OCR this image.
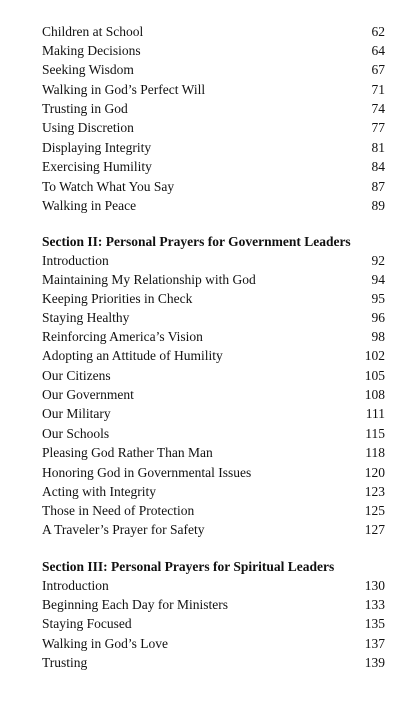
Children at School	62
Making Decisions	64
Seeking Wisdom	67
Walking in God’s Perfect Will	71
Trusting in God	74
Using Discretion	77
Displaying Integrity	81
Exercising Humility	84
To Watch What You Say	87
Walking in Peace	89
Section II: Personal Prayers for Government Leaders
Introduction	92
Maintaining My Relationship with God	94
Keeping Priorities in Check	95
Staying Healthy	96
Reinforcing America’s Vision	98
Adopting an Attitude of Humility	102
Our Citizens	105
Our Government	108
Our Military	111
Our Schools	115
Pleasing God Rather Than Man	118
Honoring God in Governmental Issues	120
Acting with Integrity	123
Those in Need of Protection	125
A Traveler’s Prayer for Safety	127
Section III: Personal Prayers for Spiritual Leaders
Introduction	130
Beginning Each Day for Ministers	133
Staying Focused	135
Walking in God’s Love	137
Trusting	139
